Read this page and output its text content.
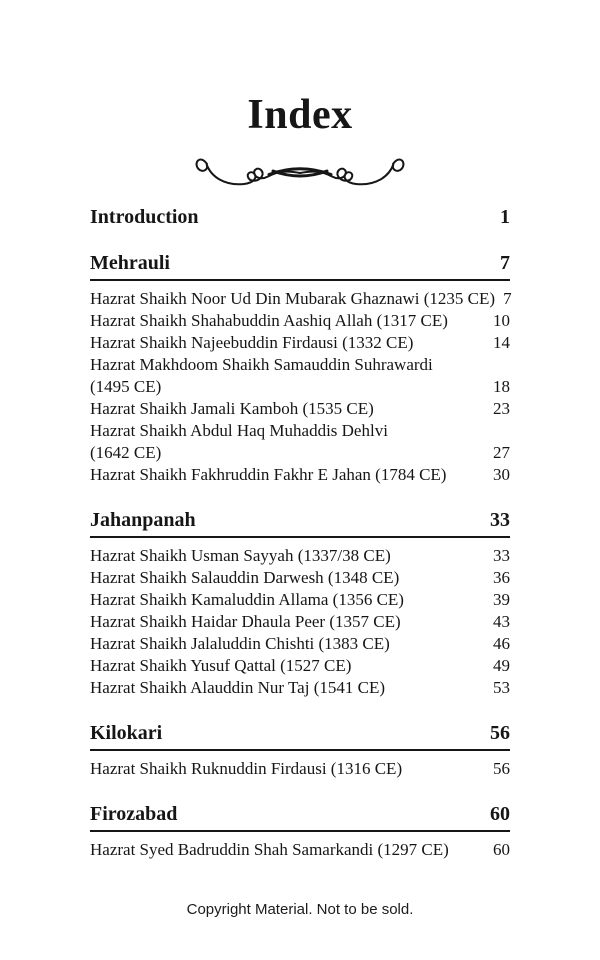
Index
Introduction	1
Mehrauli	7
Hazrat Shaikh Noor Ud Din Mubarak Ghaznawi (1235 CE) 7
Hazrat Shaikh Shahabuddin Aashiq Allah (1317 CE)	10
Hazrat Shaikh Najeebuddin Firdausi (1332 CE)	14
Hazrat Makhdoom Shaikh Samauddin Suhrawardi
(1495 CE)	18
Hazrat Shaikh Jamali Kamboh (1535 CE)	23
Hazrat Shaikh Abdul Haq Muhaddis Dehlvi
(1642 CE)	27
Hazrat Shaikh Fakhruddin Fakhr E Jahan (1784 CE)	30
Jahanpanah	33
Hazrat Shaikh Usman Sayyah (1337/38 CE)	33
Hazrat Shaikh Salauddin Darwesh (1348 CE)	36
Hazrat Shaikh Kamaluddin Allama (1356 CE)	39
Hazrat Shaikh Haidar Dhaula Peer (1357 CE)	43
Hazrat Shaikh Jalaluddin Chishti (1383 CE)	46
Hazrat Shaikh Yusuf Qattal (1527 CE)	49
Hazrat Shaikh Alauddin Nur Taj (1541 CE)	53
Kilokari	56
Hazrat Shaikh Ruknuddin Firdausi (1316 CE)	56
Firozabad	60
Hazrat Syed Badruddin Shah Samarkandi (1297 CE)	60
Copyright Material. Not to be sold.
